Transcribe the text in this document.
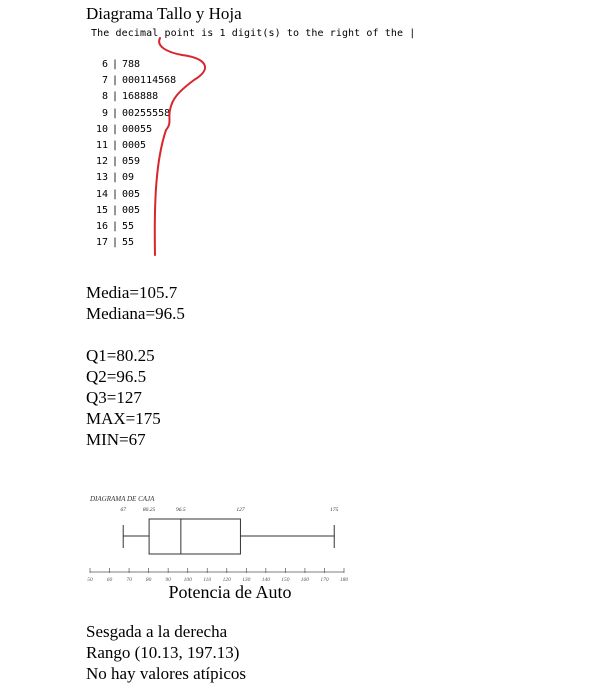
Diagrama Tallo y Hoja
The decimal point is 1 digit(s) to the right of the |
6 | 788
7 | 000114568
8 | 168888
9 | 00255558
10 | 00055
11 | 0005
12 | 059
13 | 09
14 | 005
15 | 005
16 | 55
17 | 55
Media=105.7
Mediana=96.5
Q1=80.25
Q2=96.5
Q3=127
MAX=175
MIN=67
DIAGRAMA DE CAJA
67	80.25	96.5	127	175
50	60	70	80	90 100 110 120 130 140 150 160 170 180
Potencia de Auto
Sesgada a la derecha
Rango (10.13, 197.13)
No hay valores atípicos
